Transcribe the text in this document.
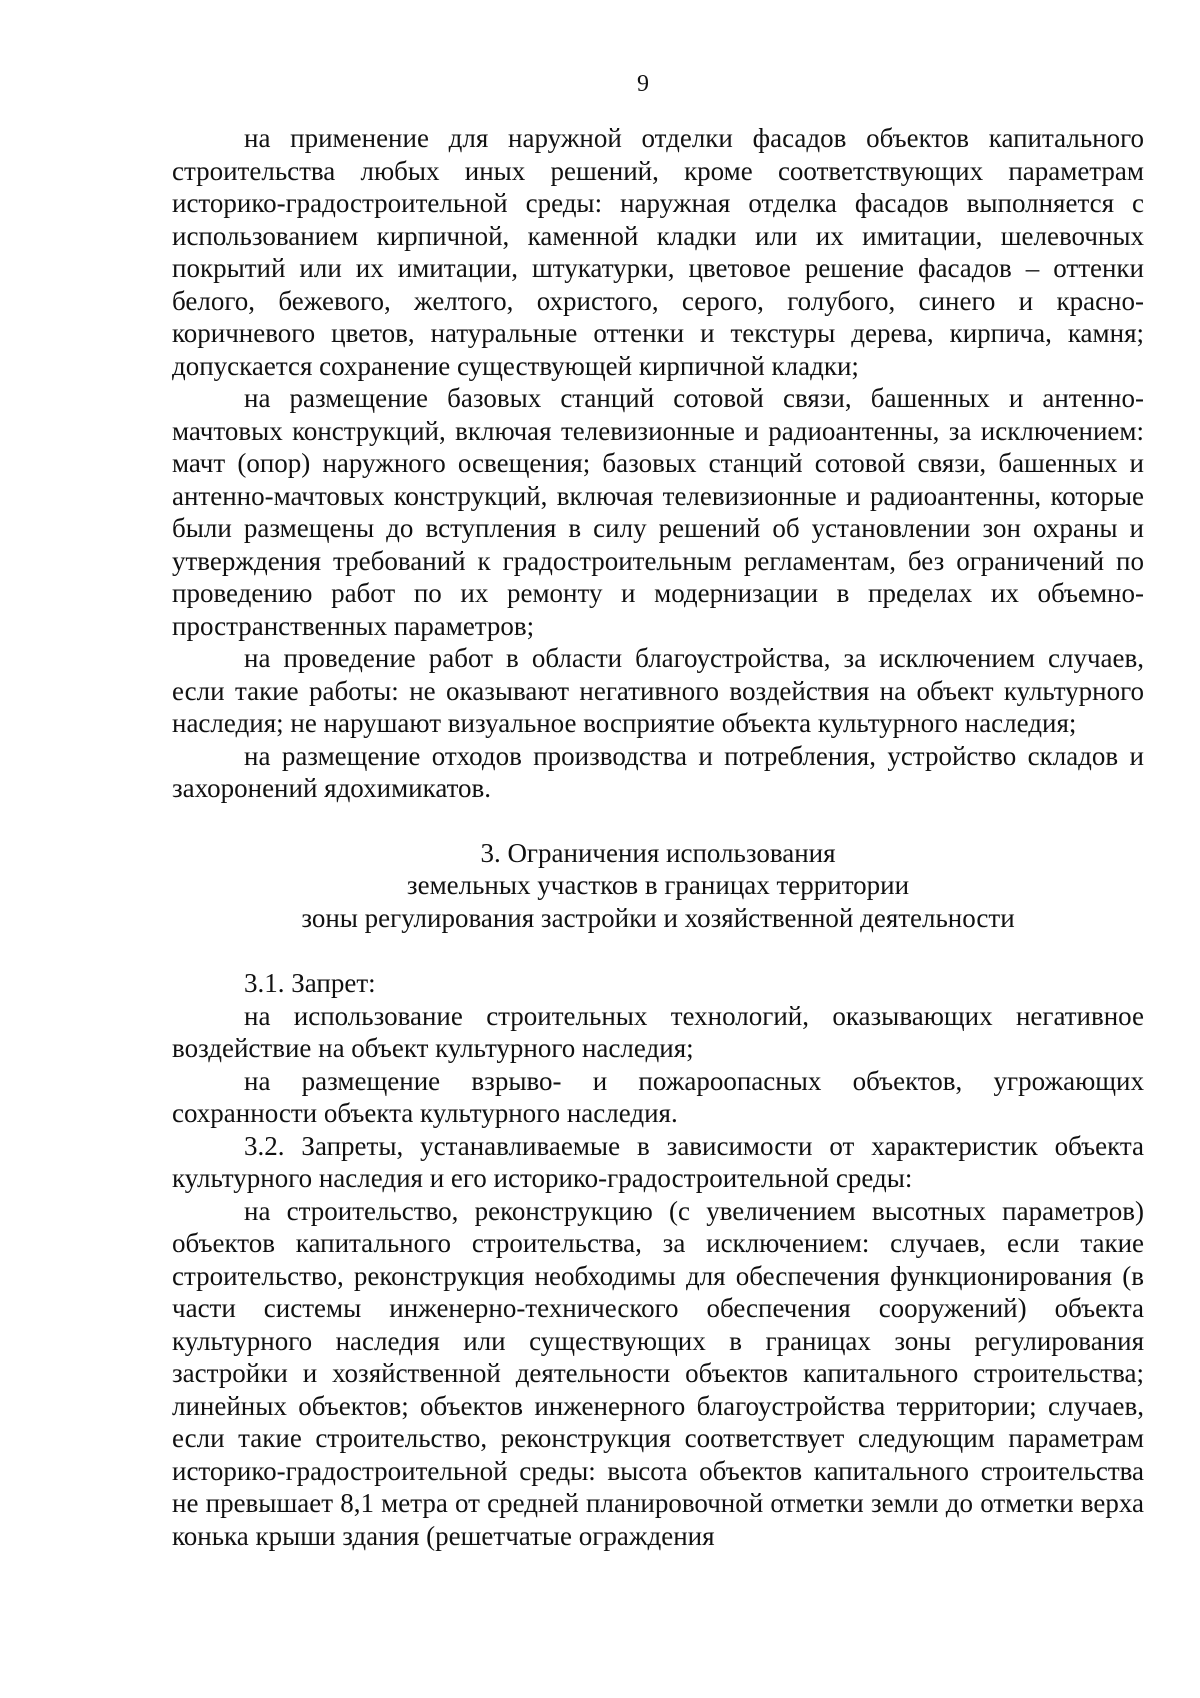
9

на применение для наружной отделки фасадов объектов капитального строительства любых иных решений, кроме соответствующих параметрам историко-градостроительной среды: наружная отделка фасадов выполняется с использованием кирпичной, каменной кладки или их имитации, шелевочных покрытий или их имитации, штукатурки, цветовое решение фасадов – оттенки белого, бежевого, желтого, охристого, серого, голубого, синего и красно-коричневого цветов, натуральные оттенки и текстуры дерева, кирпича, камня; допускается сохранение существующей кирпичной кладки;

на размещение базовых станций сотовой связи, башенных и антенно-мачтовых конструкций, включая телевизионные и радиоантенны, за исключением: мачт (опор) наружного освещения; базовых станций сотовой связи, башенных и антенно-мачтовых конструкций, включая телевизионные и радиоантенны, которые были размещены до вступления в силу решений об установлении зон охраны и утверждения требований к градостроительным регламентам, без ограничений по проведению работ по их ремонту и модернизации в пределах их объемно-пространственных параметров;

на проведение работ в области благоустройства, за исключением случаев, если такие работы: не оказывают негативного воздействия на объект культурного наследия; не нарушают визуальное восприятие объекта культурного наследия;

на размещение отходов производства и потребления, устройство складов и захоронений ядохимикатов.

3. Ограничения использования
земельных участков в границах территории
зоны регулирования застройки и хозяйственной деятельности

3.1. Запрет:

на использование строительных технологий, оказывающих негативное воздействие на объект культурного наследия;

на размещение взрыво- и пожароопасных объектов, угрожающих сохранности объекта культурного наследия.

3.2. Запреты, устанавливаемые в зависимости от характеристик объекта культурного наследия и его историко-градостроительной среды:

на строительство, реконструкцию (с увеличением высотных параметров) объектов капитального строительства, за исключением: случаев, если такие строительство, реконструкция необходимы для обеспечения функционирования (в части системы инженерно-технического обеспечения сооружений) объекта культурного наследия или существующих в границах зоны регулирования застройки и хозяйственной деятельности объектов капитального строительства; линейных объектов; объектов инженерного благоустройства территории; случаев, если такие строительство, реконструкция соответствует следующим параметрам историко-градостроительной среды: высота объектов капитального строительства не превышает 8,1 метра от средней планировочной отметки земли до отметки верха конька крыши здания (решетчатые ограждения
